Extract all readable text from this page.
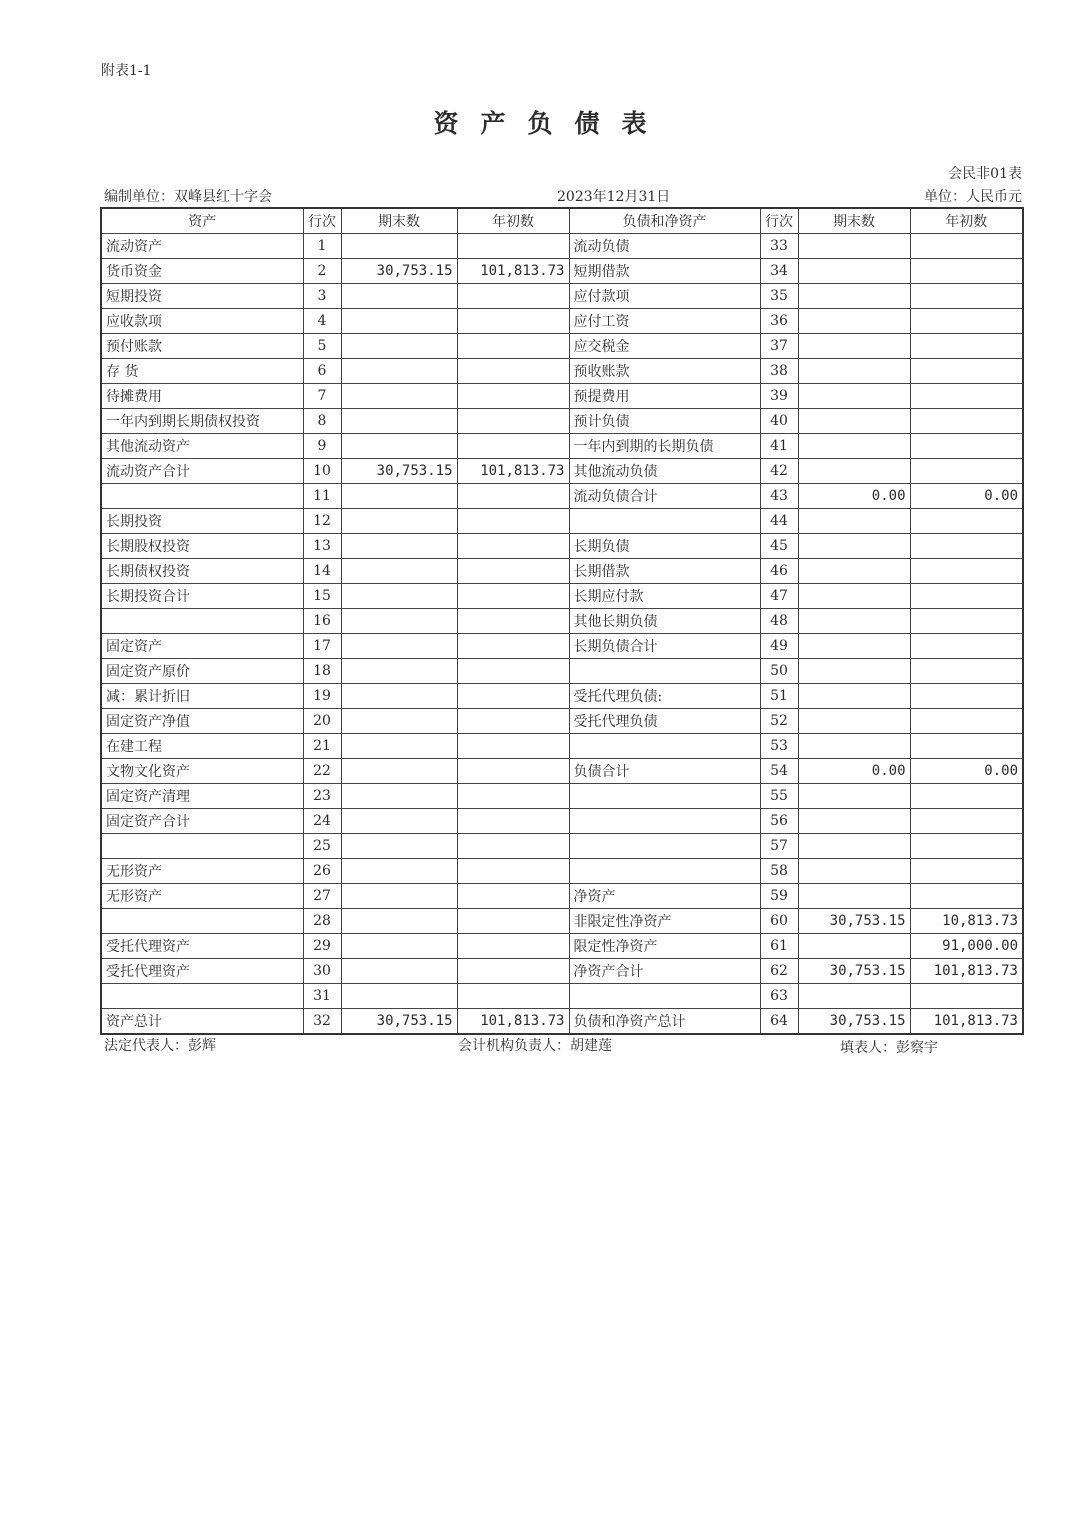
附表1-1
资产负债表
会民非01表
编制单位：双峰县红十字会	2023年12月31日	单位：人民币元
资产	行次	期末数	年初数	负债和净资产	行次	期末数	年初数
流动资产	1			流动负债	33		
货币资金	2	30,753.15	101,813.73	短期借款	34		
短期投资	3			应付款项	35		
应收款项	4			应付工资	36		
预付账款	5			应交税金	37		
存 货	6			预收账款	38		
待摊费用	7			预提费用	39		
一年内到期长期债权投资	8			预计负债	40		
其他流动资产	9			一年内到期的长期负债	41		
流动资产合计	10	30,753.15	101,813.73	其他流动负债	42		
	11			流动负债合计	43	0.00	0.00
长期投资	12				44		
长期股权投资	13			长期负债	45		
长期债权投资	14			长期借款	46		
长期投资合计	15			长期应付款	47		
	16			其他长期负债	48		
固定资产	17			长期负债合计	49		
固定资产原价	18				50		
减：累计折旧	19			受托代理负债:	51		
固定资产净值	20			受托代理负债	52		
在建工程	21				53		
文物文化资产	22			负债合计	54	0.00	0.00
固定资产清理	23				55		
固定资产合计	24				56		
	25				57		
无形资产	26				58		
无形资产	27			净资产	59		
	28			非限定性净资产	60	30,753.15	10,813.73
受托代理资产	29			限定性净资产	61		91,000.00
受托代理资产	30			净资产合计	62	30,753.15	101,813.73
	31				63		
资产总计	32	30,753.15	101,813.73	负债和净资产总计	64	30,753.15	101,813.73
法定代表人：彭辉	会计机构负责人：胡建莲	填表人：彭察宇
